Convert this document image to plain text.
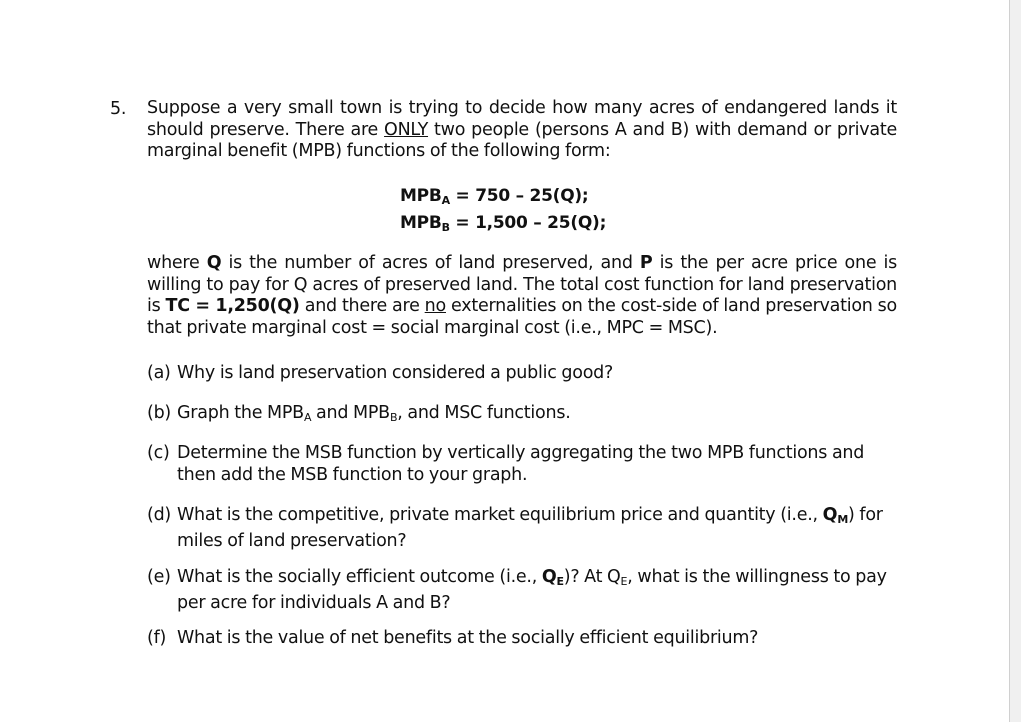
5. Suppose a very small town is trying to decide how many acres of endangered lands it should preserve. There are ONLY two people (persons A and B) with demand or private marginal benefit (MPB) functions of the following form:
$MPB_A = 750 - 25(Q)$;
$MPB_B = 1,500 - 25(Q)$;
where Q is the number of acres of land preserved, and P is the per acre price one is willing to pay for Q acres of preserved land. The total cost function for land preservation is TC = 1,250(Q) and there are no externalities on the cost-side of land preservation so that private marginal cost = social marginal cost (i.e., MPC = MSC).
(a) Why is land preservation considered a public good?
(b) Graph the MPBA and MPBB, and MSC functions.
(c) Determine the MSB function by vertically aggregating the two MPB functions and then add the MSB function to your graph.
(d) What is the competitive, private market equilibrium price and quantity (i.e., QM) for miles of land preservation?
(e) What is the socially efficient outcome (i.e., QE)? At QE, what is the willingness to pay per acre for individuals A and B?
(f) What is the value of net benefits at the socially efficient equilibrium?
